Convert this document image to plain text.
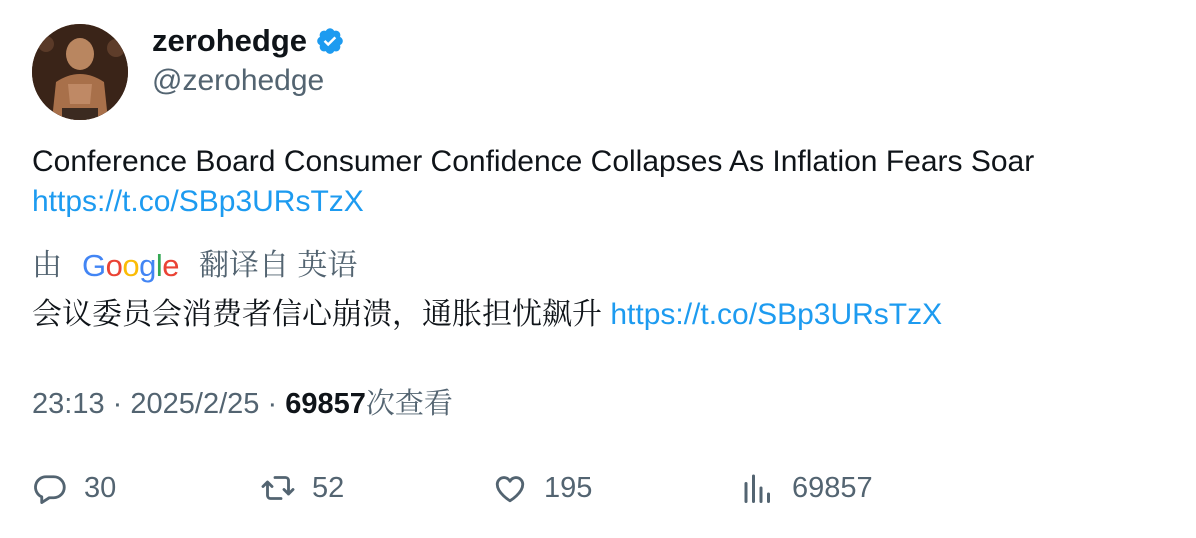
zerohedge
@zerohedge
Conference Board Consumer Confidence Collapses As Inflation Fears Soar
https://t.co/SBp3URsTzX
由 Google 翻译自 英语
会议委员会消费者信心崩溃，通胀担忧飙升 https://t.co/SBp3URsTzX
23:13 · 2025/2/25 · 69857次查看
30	52	195	69857
